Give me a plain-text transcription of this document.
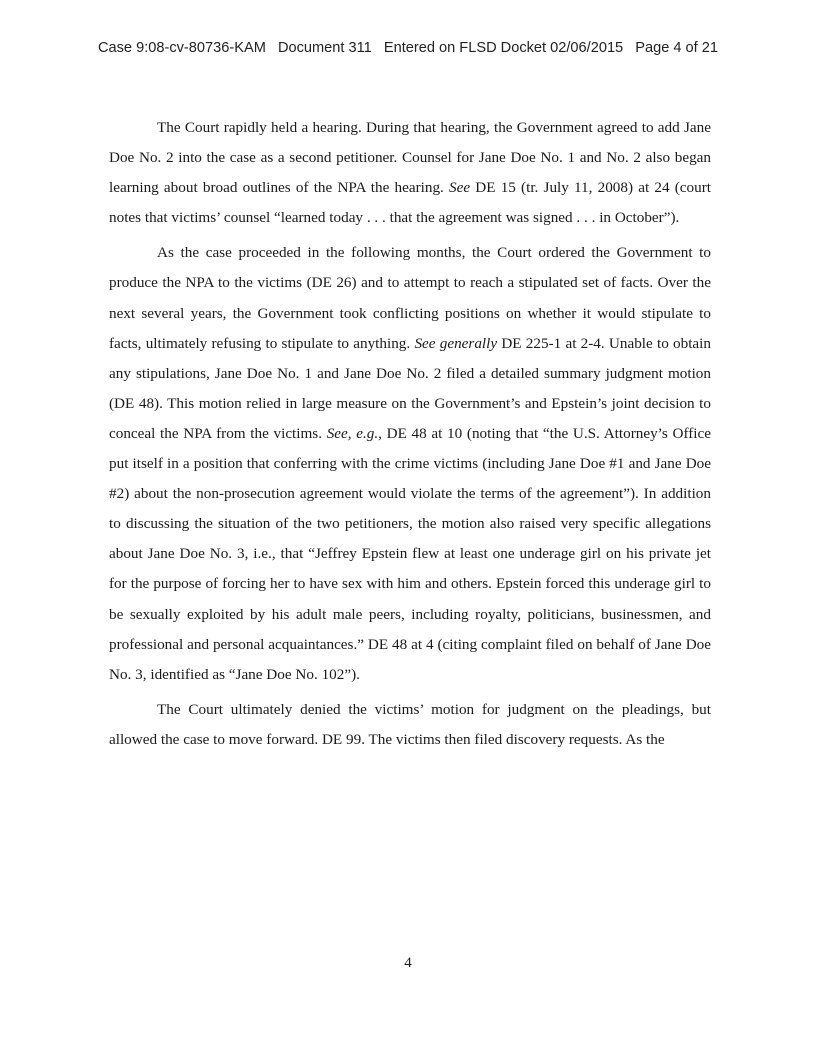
Case 9:08-cv-80736-KAM Document 311 Entered on FLSD Docket 02/06/2015 Page 4 of 21

The Court rapidly held a hearing. During that hearing, the Government agreed to add Jane Doe No. 2 into the case as a second petitioner. Counsel for Jane Doe No. 1 and No. 2 also began learning about broad outlines of the NPA the hearing. See DE 15 (tr. July 11, 2008) at 24 (court notes that victims’ counsel “learned today . . . that the agreement was signed . . . in October”).

As the case proceeded in the following months, the Court ordered the Government to produce the NPA to the victims (DE 26) and to attempt to reach a stipulated set of facts. Over the next several years, the Government took conflicting positions on whether it would stipulate to facts, ultimately refusing to stipulate to anything. See generally DE 225-1 at 2-4. Unable to obtain any stipulations, Jane Doe No. 1 and Jane Doe No. 2 filed a detailed summary judgment motion (DE 48). This motion relied in large measure on the Government’s and Epstein’s joint decision to conceal the NPA from the victims. See, e.g., DE 48 at 10 (noting that “the U.S. Attorney’s Office put itself in a position that conferring with the crime victims (including Jane Doe #1 and Jane Doe #2) about the non-prosecution agreement would violate the terms of the agreement”). In addition to discussing the situation of the two petitioners, the motion also raised very specific allegations about Jane Doe No. 3, i.e., that “Jeffrey Epstein flew at least one underage girl on his private jet for the purpose of forcing her to have sex with him and others. Epstein forced this underage girl to be sexually exploited by his adult male peers, including royalty, politicians, businessmen, and professional and personal acquaintances.” DE 48 at 4 (citing complaint filed on behalf of Jane Doe No. 3, identified as “Jane Doe No. 102”).

The Court ultimately denied the victims’ motion for judgment on the pleadings, but allowed the case to move forward. DE 99. The victims then filed discovery requests. As the

4
